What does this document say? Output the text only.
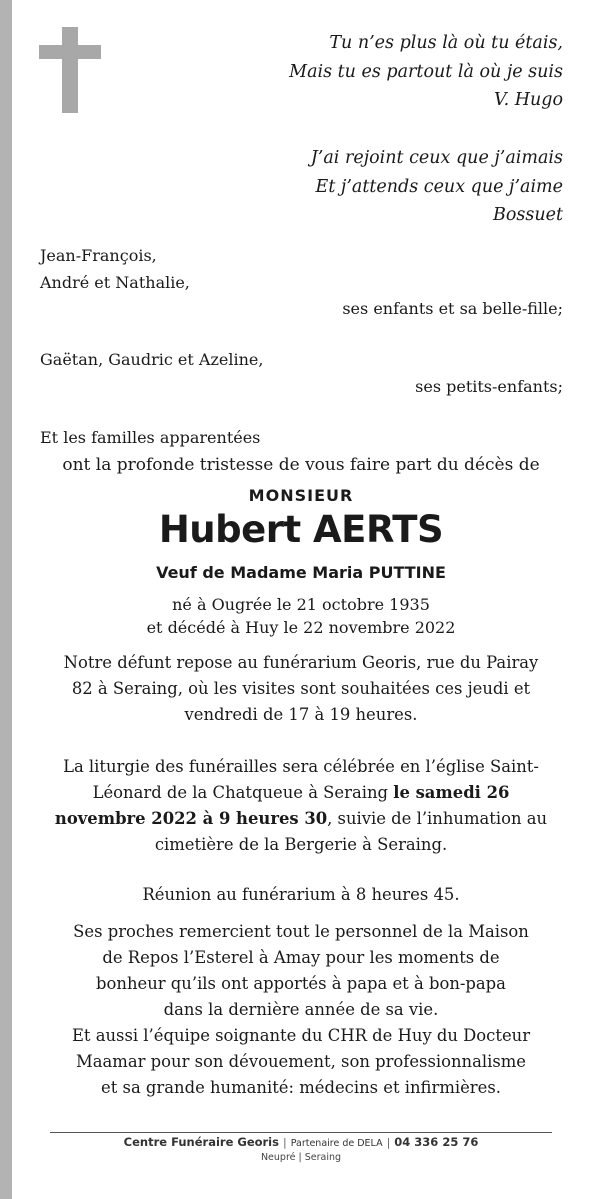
Tu n’es plus là où tu étais,
Mais tu es partout là où je suis
V. Hugo
J’ai rejoint ceux que j’aimais
Et j’attends ceux que j’aime
Bossuet
Jean-François,
André et Nathalie,
ses enfants et sa belle-fille;
Gaëtan, Gaudric et Azeline,
ses petits-enfants;
Et les familles apparentées
ont la profonde tristesse de vous faire part du décès de
MONSIEUR
Hubert AERTS
Veuf de Madame Maria PUTTINE
né à Ougrée le 21 octobre 1935
et décédé à Huy le 22 novembre 2022
Notre défunt repose au funérarium Georis, rue du Pairay
82 à Seraing, où les visites sont souhaitées ces jeudi et
vendredi de 17 à 19 heures.
La liturgie des funérailles sera célébrée en l’église Saint-
Léonard de la Chatqueue à Seraing le samedi 26
novembre 2022 à 9 heures 30, suivie de l’inhumation au
cimetière de la Bergerie à Seraing.
Réunion au funérarium à 8 heures 45.
Ses proches remercient tout le personnel de la Maison
de Repos l’Esterel à Amay pour les moments de
bonheur qu’ils ont apportés à papa et à bon-papa
dans la dernière année de sa vie.
Et aussi l’équipe soignante du CHR de Huy du Docteur
Maamar pour son dévouement, son professionnalisme
et sa grande humanité: médecins et infirmières.
Centre Funéraire Georis | Partenaire de DELA | 04 336 25 76
Neupré | Seraing
